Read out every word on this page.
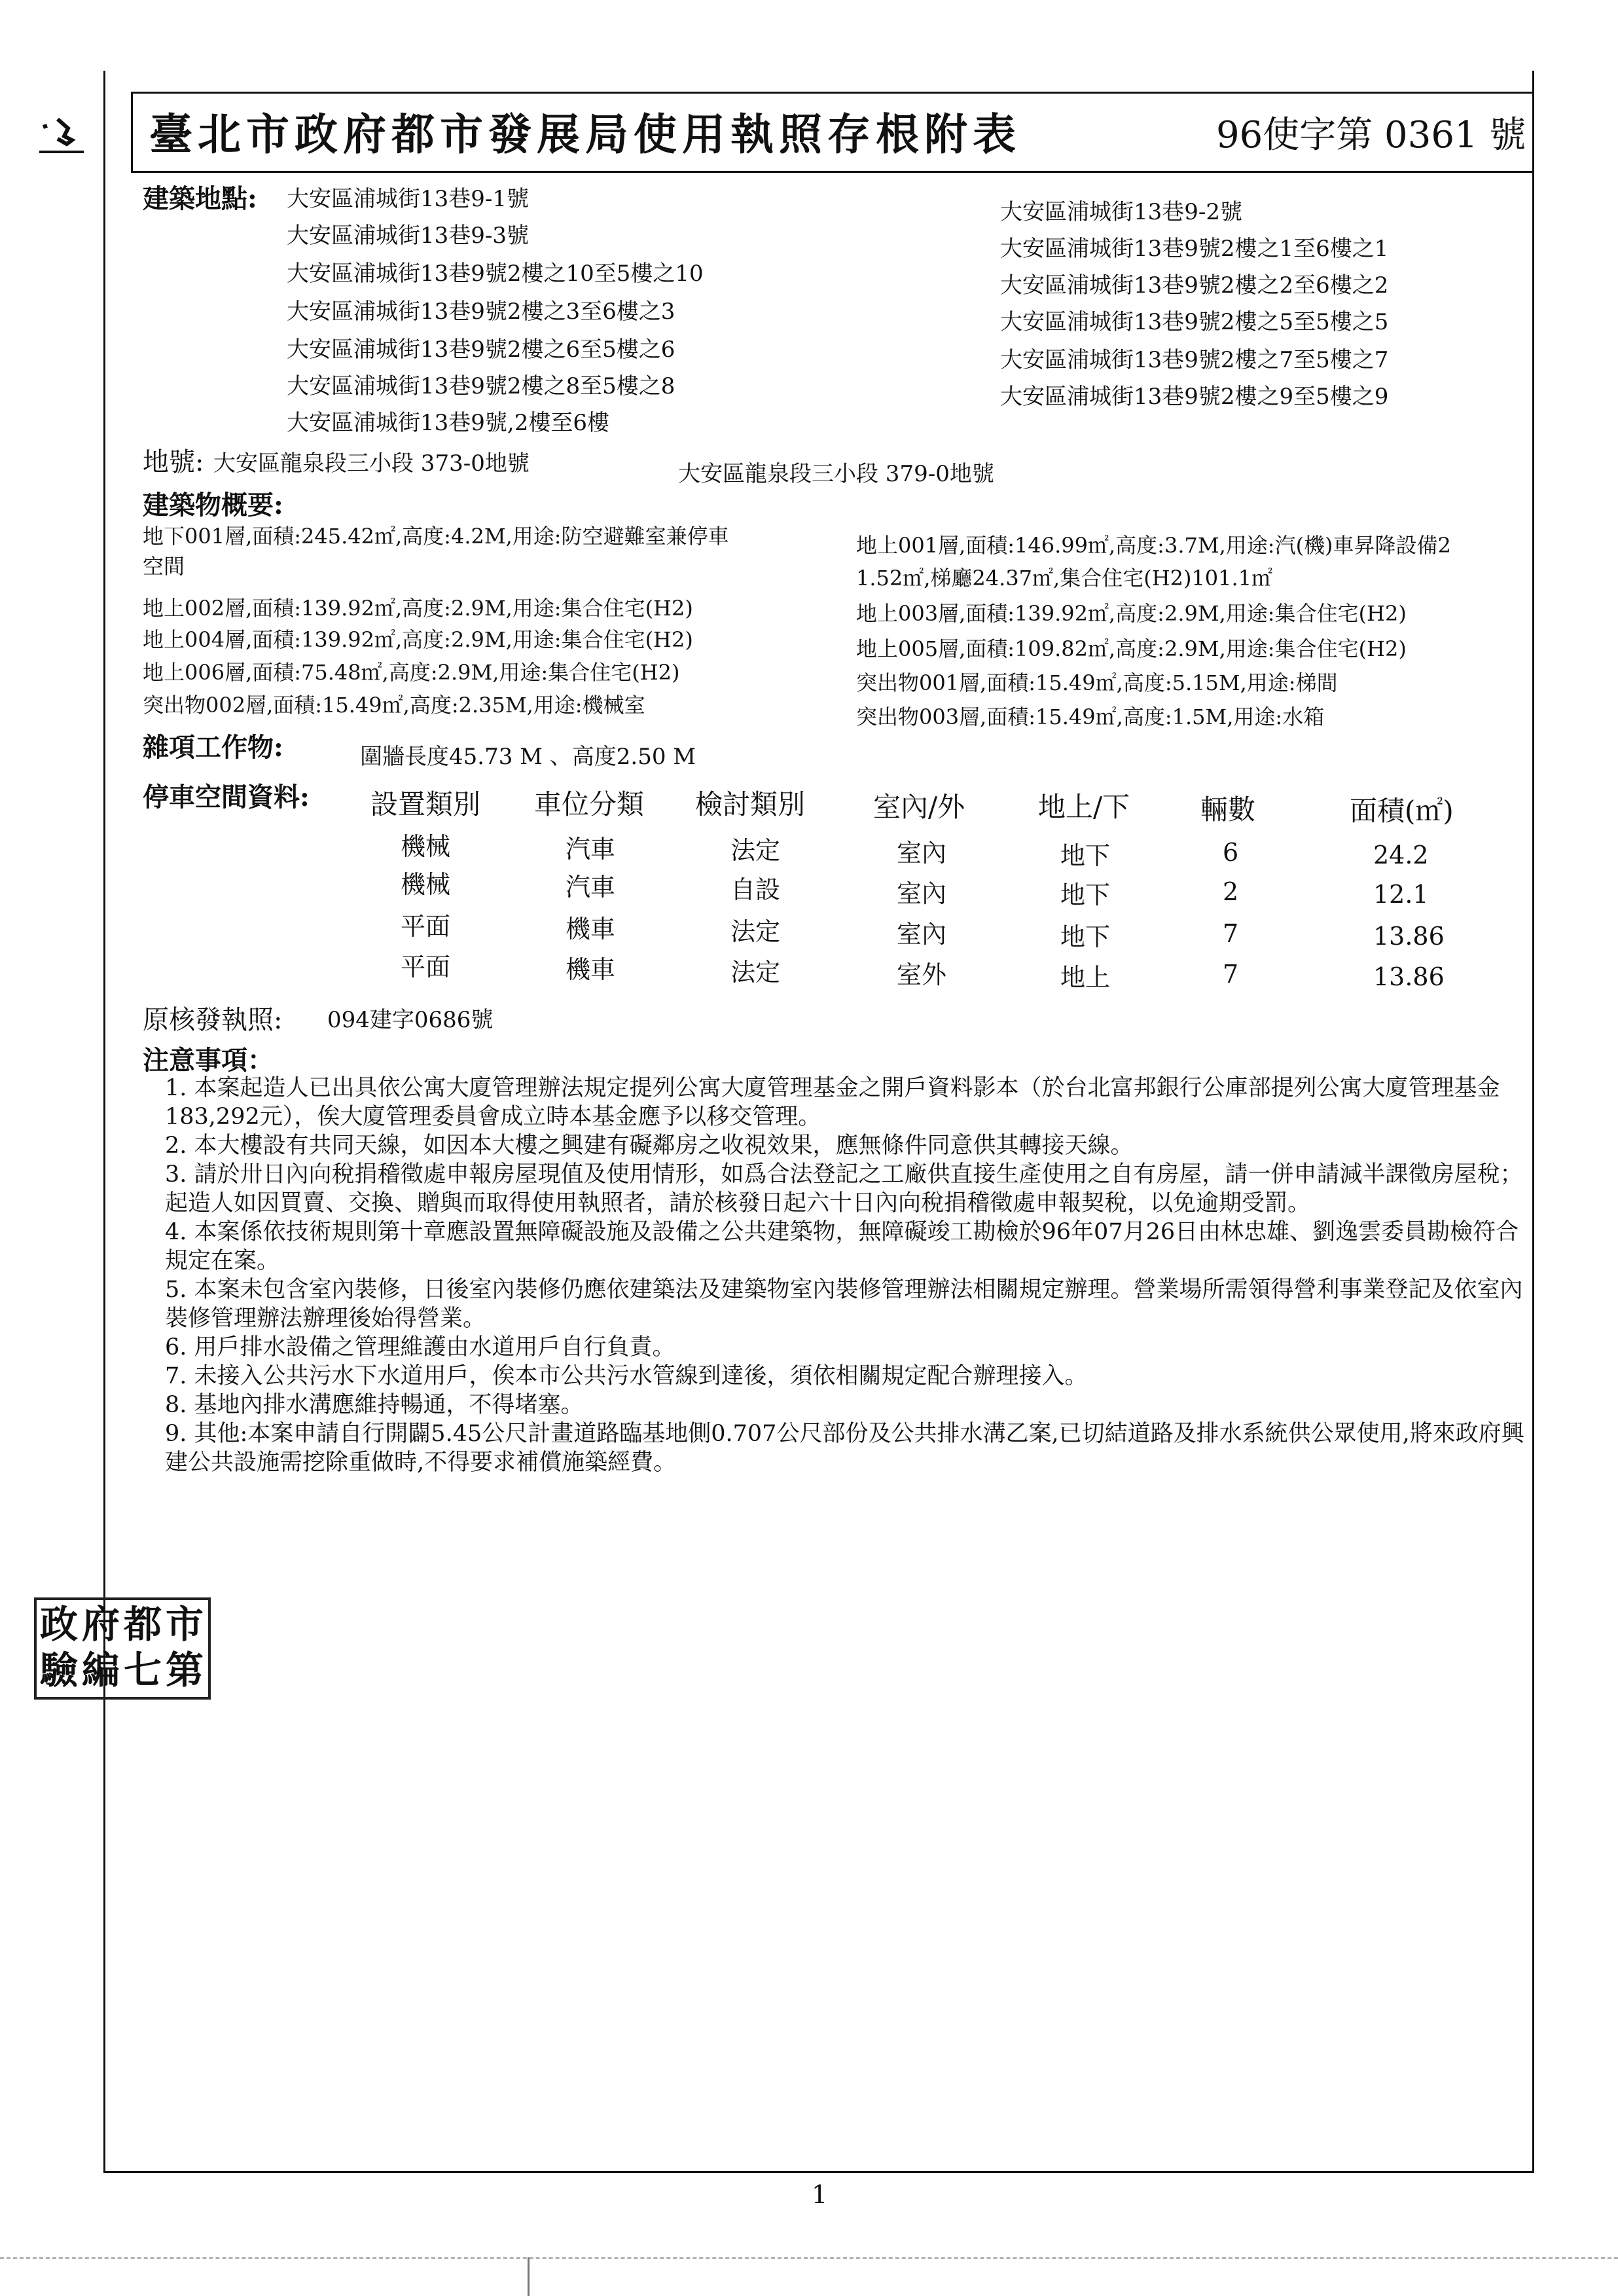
臺北市政府都市發展局使用執照存根附表	96使字第 0361 號
建築地點: 大安區浦城街13巷9-1號
大安區浦城街13巷9-3號
大安區浦城街13巷9號2樓之10至5樓之10
大安區浦城街13巷9號2樓之3至6樓之3
大安區浦城街13巷9號2樓之6至5樓之6
大安區浦城街13巷9號2樓之8至5樓之8
大安區浦城街13巷9號,2樓至6樓
大安區浦城街13巷9-2號
大安區浦城街13巷9號2樓之1至6樓之1
大安區浦城街13巷9號2樓之2至6樓之2
大安區浦城街13巷9號2樓之5至5樓之5
大安區浦城街13巷9號2樓之7至5樓之7
大安區浦城街13巷9號2樓之9至5樓之9
地號: 大安區龍泉段三小段 373-0地號	大安區龍泉段三小段 379-0地號
建築物概要:
地下001層,面積:245.42㎡,高度:4.2M,用途:防空避難室兼停車
空間
地上002層,面積:139.92㎡,高度:2.9M,用途:集合住宅(H2)
地上004層,面積:139.92㎡,高度:2.9M,用途:集合住宅(H2)
地上006層,面積:75.48㎡,高度:2.9M,用途:集合住宅(H2)
突出物002層,面積:15.49㎡,高度:2.35M,用途:機械室
地上001層,面積:146.99㎡,高度:3.7M,用途:汽(機)車昇降設備2
1.52㎡,梯廳24.37㎡,集合住宅(H2)101.1㎡
地上003層,面積:139.92㎡,高度:2.9M,用途:集合住宅(H2)
地上005層,面積:109.82㎡,高度:2.9M,用途:集合住宅(H2)
突出物001層,面積:15.49㎡,高度:5.15M,用途:梯間
突出物003層,面積:15.49㎡,高度:1.5M,用途:水箱
雜項工作物:	圍牆長度45.73 M 、高度2.50 M
停車空間資料: 設置類別 車位分類 檢討類別 室內/外	地上/下	輛數	面積(㎡)
機械	汽車	法定	室內	地下	6	24.2
機械	汽車	自設	室內	地下	2	12.1
平面	機車	法定	室內	地下	7	13.86
平面	機車	法定	室外	地上	7	13.86
原核發執照: 094建字0686號
注意事項：
1. 本案起造人已出具依公寓大廈管理辦法規定提列公寓大廈管理基金之開戶資料影本（於台北富邦銀行公庫部提列公寓大廈管理基金183,292元），俟大廈管理委員會成立時本基金應予以移交管理。
2. 本大樓設有共同天線，如因本大樓之興建有礙鄰房之收視效果，應無條件同意供其轉接天線。
3. 請於卅日內向稅捐稽徵處申報房屋現值及使用情形，如爲合法登記之工廠供直接生產使用之自有房屋，請一併申請減半課徵房屋稅；起造人如因買賣、交換、贈與而取得使用執照者，請於核發日起六十日內向稅捐稽徵處申報契稅，以免逾期受罰。
4. 本案係依技術規則第十章應設置無障礙設施及設備之公共建築物，無障礙竣工勘檢於96年07月26日由林忠雄、劉逸雲委員勘檢符合規定在案。
5. 本案未包含室內裝修，日後室內裝修仍應依建築法及建築物室內裝修管理辦法相關規定辦理。營業場所需領得營利事業登記及依室內裝修管理辦法辦理後始得營業。
6. 用戶排水設備之管理維護由水道用戶自行負責。
7. 未接入公共污水下水道用戶，俟本市公共污水管線到達後，須依相關規定配合辦理接入。
8. 基地內排水溝應維持暢通，不得堵塞。
9. 其他:本案申請自行開闢5.45公尺計畫道路臨基地側0.707公尺部份及公共排水溝乙案,已切結道路及排水系統供公眾使用,將來政府興建公共設施需挖除重做時,不得要求補償施築經費。
政 府 都 市
驗 編 七 第
1
